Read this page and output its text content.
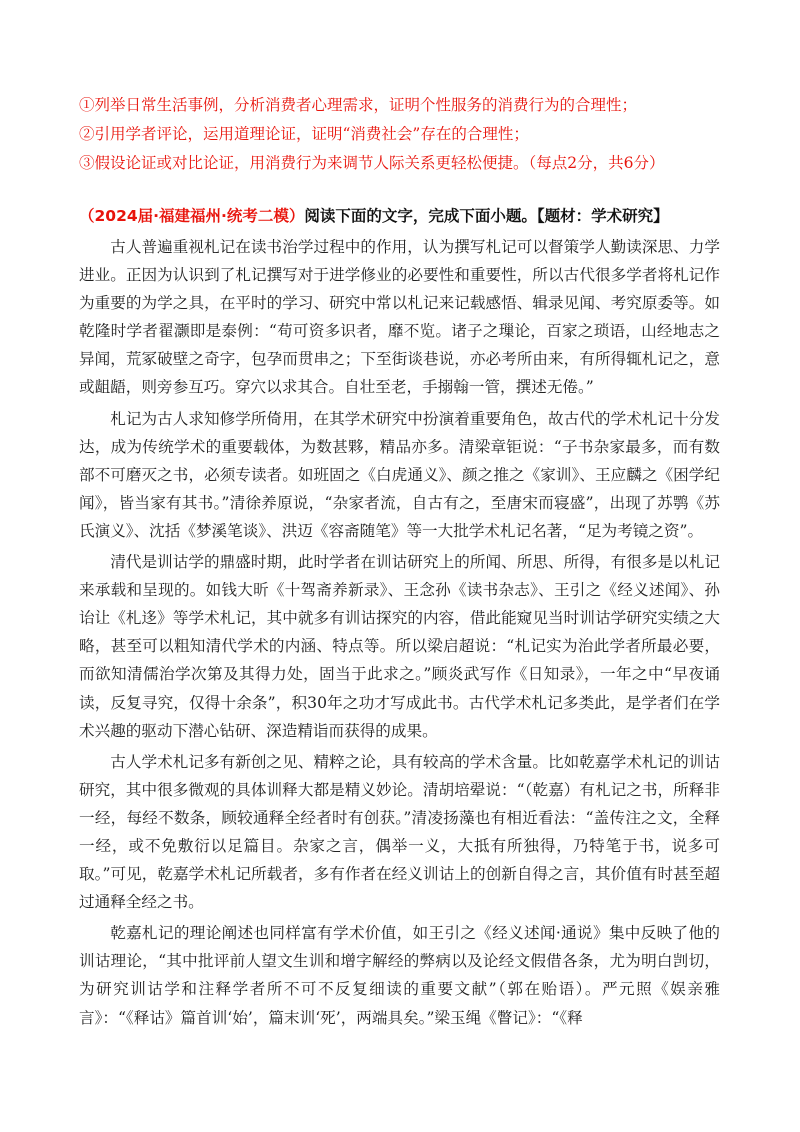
①列举日常生活事例，分析消费者心理需求，证明个性服务的消费行为的合理性；
②引用学者评论，运用道理论证，证明“消费社会”存在的合理性；
③假设论证或对比论证，用消费行为来调节人际关系更轻松便捷。（每点2分，共6分）
（2024届·福建福州·统考二模）阅读下面的文字，完成下面小题。【题材：学术研究】

古人普遍重视札记在读书治学过程中的作用，认为撰写札记可以督策学人勤读深思、力学进业。正因为认识到了札记撰写对于进学修业的必要性和重要性，所以古代很多学者将札记作为重要的为学之具，在平时的学习、研究中常以札记来记载感悟、辑录见闻、考究原委等。如乾隆时学者翟灏即是泰例：“苟可资多识者，靡不览。诸子之璅论，百家之琐语，山经地志之异闻，荒冢破壁之奇字，包孕而贯串之；下至街谈巷说，亦必考所由来，有所得辄札记之，意或龃龉，则旁参互巧。穿穴以求其合。自壮至老，手搦翰一管，撰述无倦。”

札记为古人求知修学所倚用，在其学术研究中扮演着重要角色，故古代的学术札记十分发达，成为传统学术的重要载体，为数甚夥，精品亦多。清梁章钜说：“子书杂家最多，而有数部不可磨灭之书，必须专读者。如班固之《白虎通义》、颜之推之《家训》、王应麟之《困学纪闻》，皆当家有其书。”清徐养原说，“杂家者流，自古有之，至唐宋而寝盛”，出现了苏鹗《苏氏演义》、沈括《梦溪笔谈》、洪迈《容斋随笔》等一大批学术札记名著，“足为考镜之资”。

清代是训诂学的鼎盛时期，此时学者在训诂研究上的所闻、所思、所得，有很多是以札记来承载和呈现的。如钱大昕《十驾斋养新录》、王念孙《读书杂志》、王引之《经义述闻》、孙诒让《札迻》等学术札记，其中就多有训诂探究的内容，借此能窥见当时训诂学研究实绩之大略，甚至可以粗知清代学术的内涵、特点等。所以梁启超说：“札记实为治此学者所最必要，而欲知清儒治学次第及其得力处，固当于此求之。”顾炎武写作《日知录》，一年之中“早夜诵读，反复寻究，仅得十余条”，积30年之功才写成此书。古代学术札记多类此，是学者们在学术兴趣的驱动下潜心钻研、深造精诣而获得的成果。

古人学术札记多有新创之见、精粹之论，具有较高的学术含量。比如乾嘉学术札记的训诂研究，其中很多微观的具体训释大都是精义妙论。清胡培翚说：“（乾嘉）有札记之书，所释非一经，每经不数条，顾较通释全经者时有创获。”清凌扬藻也有相近看法：“盖传注之文，全释一经，或不免敷衍以足篇目。杂家之言，偶举一义，大抵有所独得，乃特笔于书，说多可取。”可见，乾嘉学术札记所载者，多有作者在经义训诂上的创新自得之言，其价值有时甚至超过通释全经之书。

乾嘉札记的理论阐述也同样富有学术价值，如王引之《经义述闻·通说》集中反映了他的训诂理论，“其中批评前人望文生训和增字解经的弊病以及论经文假借各条，尤为明白剀切，为研究训诂学和注释学者所不可不反复细读的重要文献”（郭在贻语）。严元照《娱亲雅言》：“《释诂》篇首训‘始’，篇末训‘死’，两端具矣。”梁玉绳《瞥记》：“《释
